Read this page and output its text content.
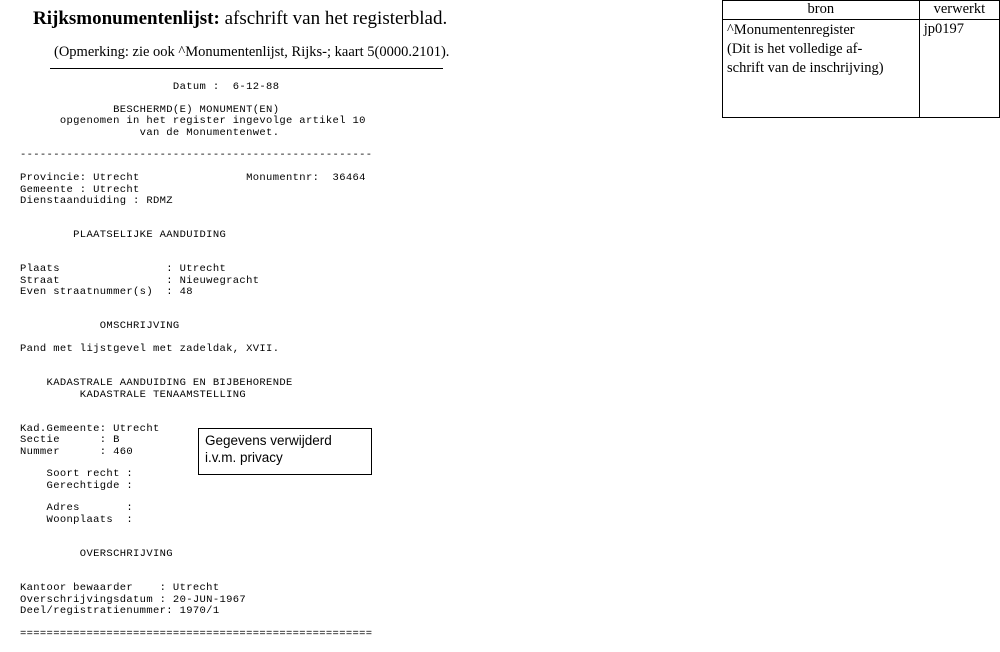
Rijksmonumentenlijst: afschrift van het registerblad.
(Opmerking: zie ook ^Monumentenlijst, Rijks-; kaart 5(0000.2101).
Datum :  6-12-88

BESCHERMD(E) MONUMENT(EN)
opgenomen in het register ingevolge artikel 10
van de Monumentenwet.

-----------------------------------------------------

Provincie: Utrecht                Monumentnr:  36464
Gemeente : Utrecht
Dienstaanduiding : RDMZ

PLAATSELIJKE AANDUIDING

Plaats                : Utrecht
Straat                : Nieuwegracht
Even straatnummer(s)  : 48

OMSCHRIJVING

Pand met lijstgevel met zadeldak, XVII.

KADASTRALE AANDUIDING EN BIJBEHORENDE
KADASTRALE TENAAMSTELLING

Kad.Gemeente: Utrecht
Sectie      : B
Nummer      : 460

Soort recht :
Gerechtigde :

Adres       :
Woonplaats  :

OVERSCHRIJVING

Kantoor bewaarder    : Utrecht
Overschrijvingsdatum : 20-JUN-1967
Deel/registratienummer: 1970/1

=====================================================

Gegevens verwijderd
i.v.m. privacy
bron	verwerkt

^Monumentenregister
(Dit is het volledige af-
schrift van de inschrijving)	jp0197
